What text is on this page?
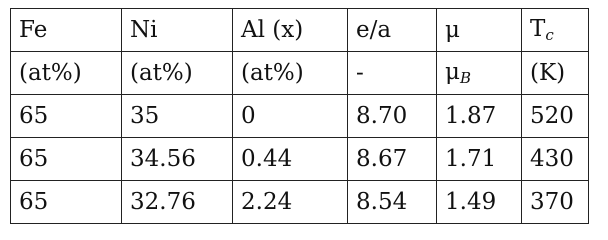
Fe	Ni	Al (x)	e/a	μ	$T_c$
(at%)	(at%)	(at%)	-	$\mu_B$	(K)
65	35	0	8.70	1.87	520
65	34.56	0.44	8.67	1.71	430
65	32.76	2.24	8.54	1.49	370
